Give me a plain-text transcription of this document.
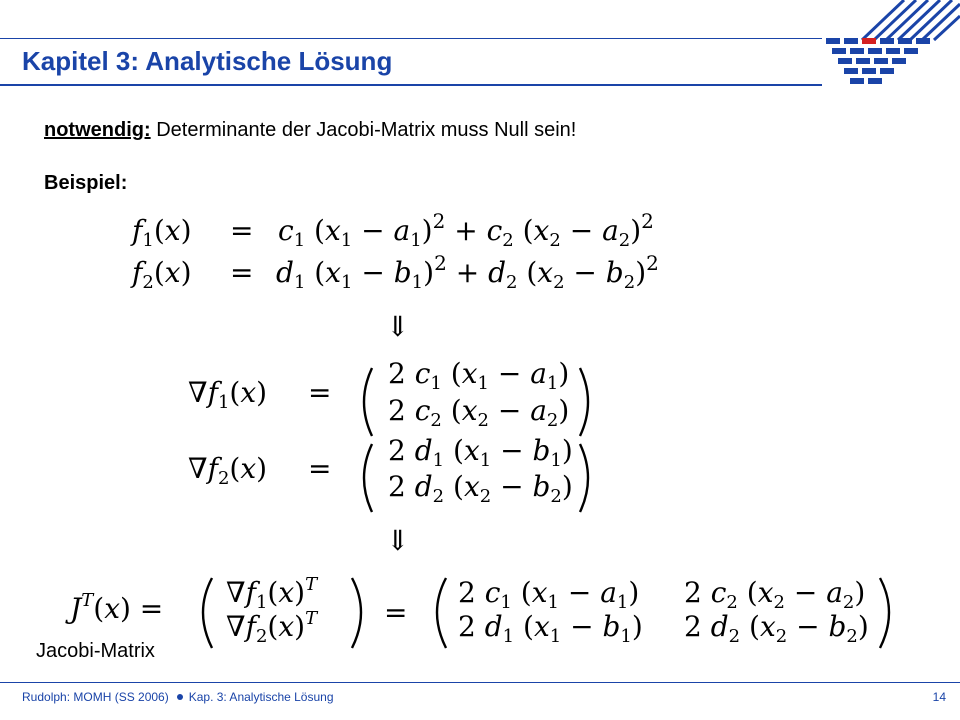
Kapitel 3: Analytische Lösung
notwendig: Determinante der Jacobi-Matrix muss Null sein!
Beispiel:
$f_1(x) = c_1$ $(x_1 - a_1)^2 + c_2$ $(x_2 - a_2)^2$
$f_2(x) = d_1$ $(x_1 - b_1)^2 + d_2$ $(x_2 - b_2)^2$
⇓
$\nabla f_1(x)$ =
2 $c_1$ $(x_1 - a_1)$
2 $c_2$ $(x_2 - a_2)$
$\nabla f_2(x)$ =
2 $d_1$ $(x_1 - b_1)$
2 $d_2$ $(x_2 - b_2)$
⇓
$J^T(x) = \nabla f_1(x)^T$
$\nabla f_2(x)^T$ =
2 $c_1$ $(x_1 - a_1)$ 2 $c_2$ $(x_2 - a_2)$
2 $d_1$ $(x_1 - b_1)$ 2 $d_2$ $(x_2 - b_2)$
Jacobi-Matrix
Rudolph: MOMH (SS 2006) Kap. 3: Analytische Lösung	14
